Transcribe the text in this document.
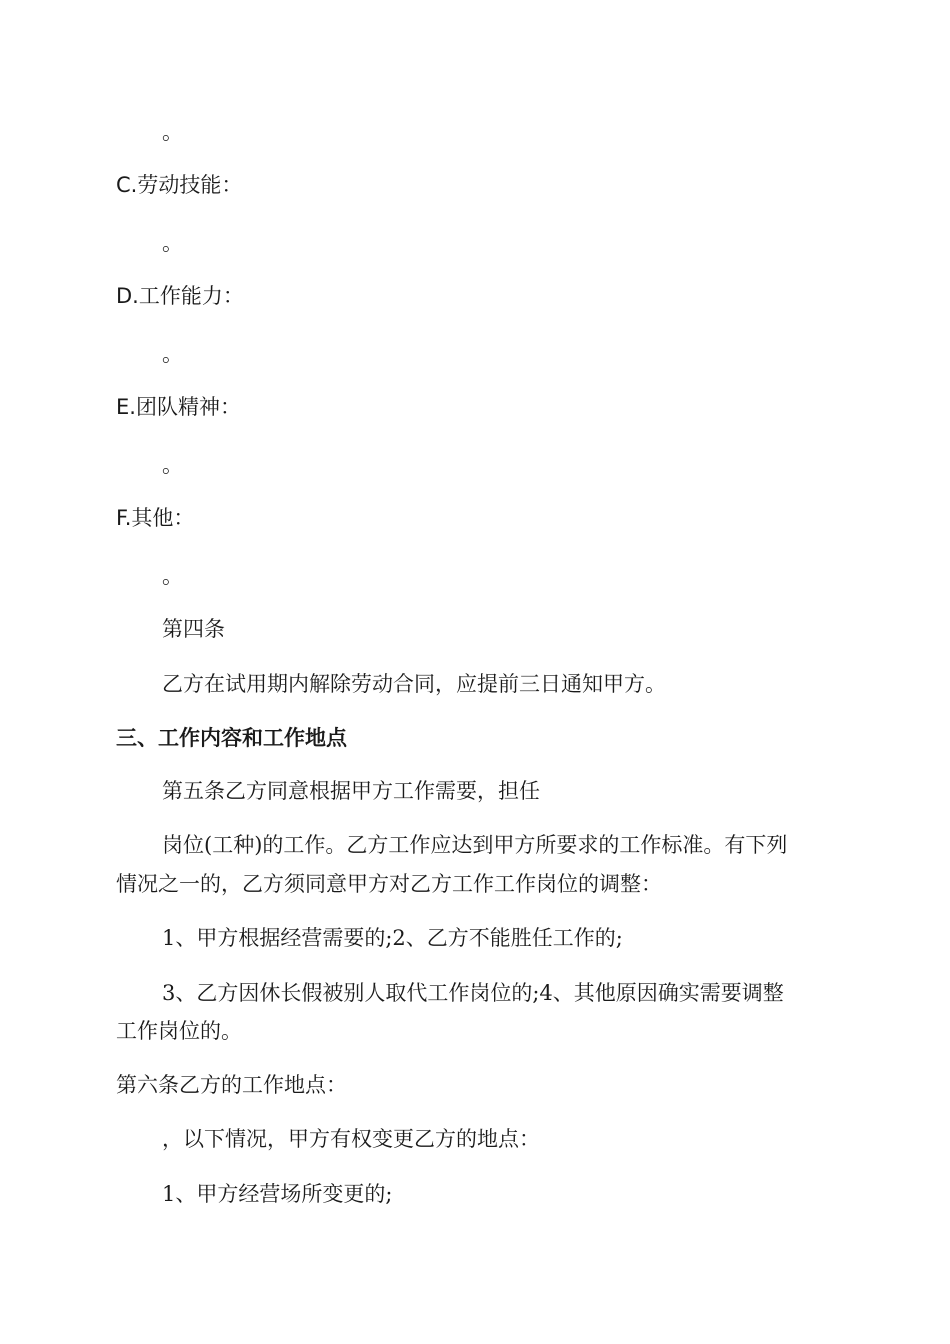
。
C.劳动技能：
。
D.工作能力：
。
E.团队精神：
。
F.其他：
。
第四条
乙方在试用期内解除劳动合同，应提前三日通知甲方。
三、工作内容和工作地点
第五条乙方同意根据甲方工作需要，担任
岗位(工种)的工作。乙方工作应达到甲方所要求的工作标准。有下列
情况之一的，乙方须同意甲方对乙方工作工作岗位的调整：
1、甲方根据经营需要的;2、乙方不能胜任工作的;
3、乙方因休长假被别人取代工作岗位的;4、其他原因确实需要调整
工作岗位的。
第六条乙方的工作地点：
，以下情况，甲方有权变更乙方的地点：
1、甲方经营场所变更的;
